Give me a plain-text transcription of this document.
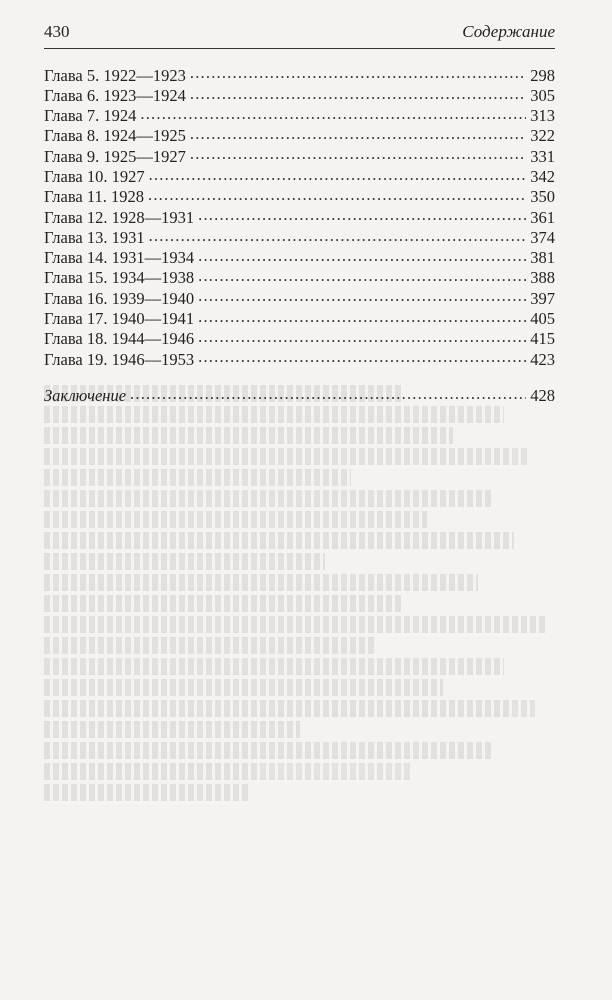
430	Содержание
Глава 5. 1922—1923 .....	298
Глава 6. 1923—1924 .....	305
Глава 7. 1924 .....	313
Глава 8. 1924—1925 .....	322
Глава 9. 1925—1927 .....	331
Глава 10. 1927 .....	342
Глава 11. 1928 .....	350
Глава 12. 1928—1931 .....	361
Глава 13. 1931 .....	374
Глава 14. 1931—1934 .....	381
Глава 15. 1934—1938 .....	388
Глава 16. 1939—1940 .....	397
Глава 17. 1940—1941 .....	405
Глава 18. 1944—1946 .....	415
Глава 19. 1946—1953 .....	423
Заключение .....	428
